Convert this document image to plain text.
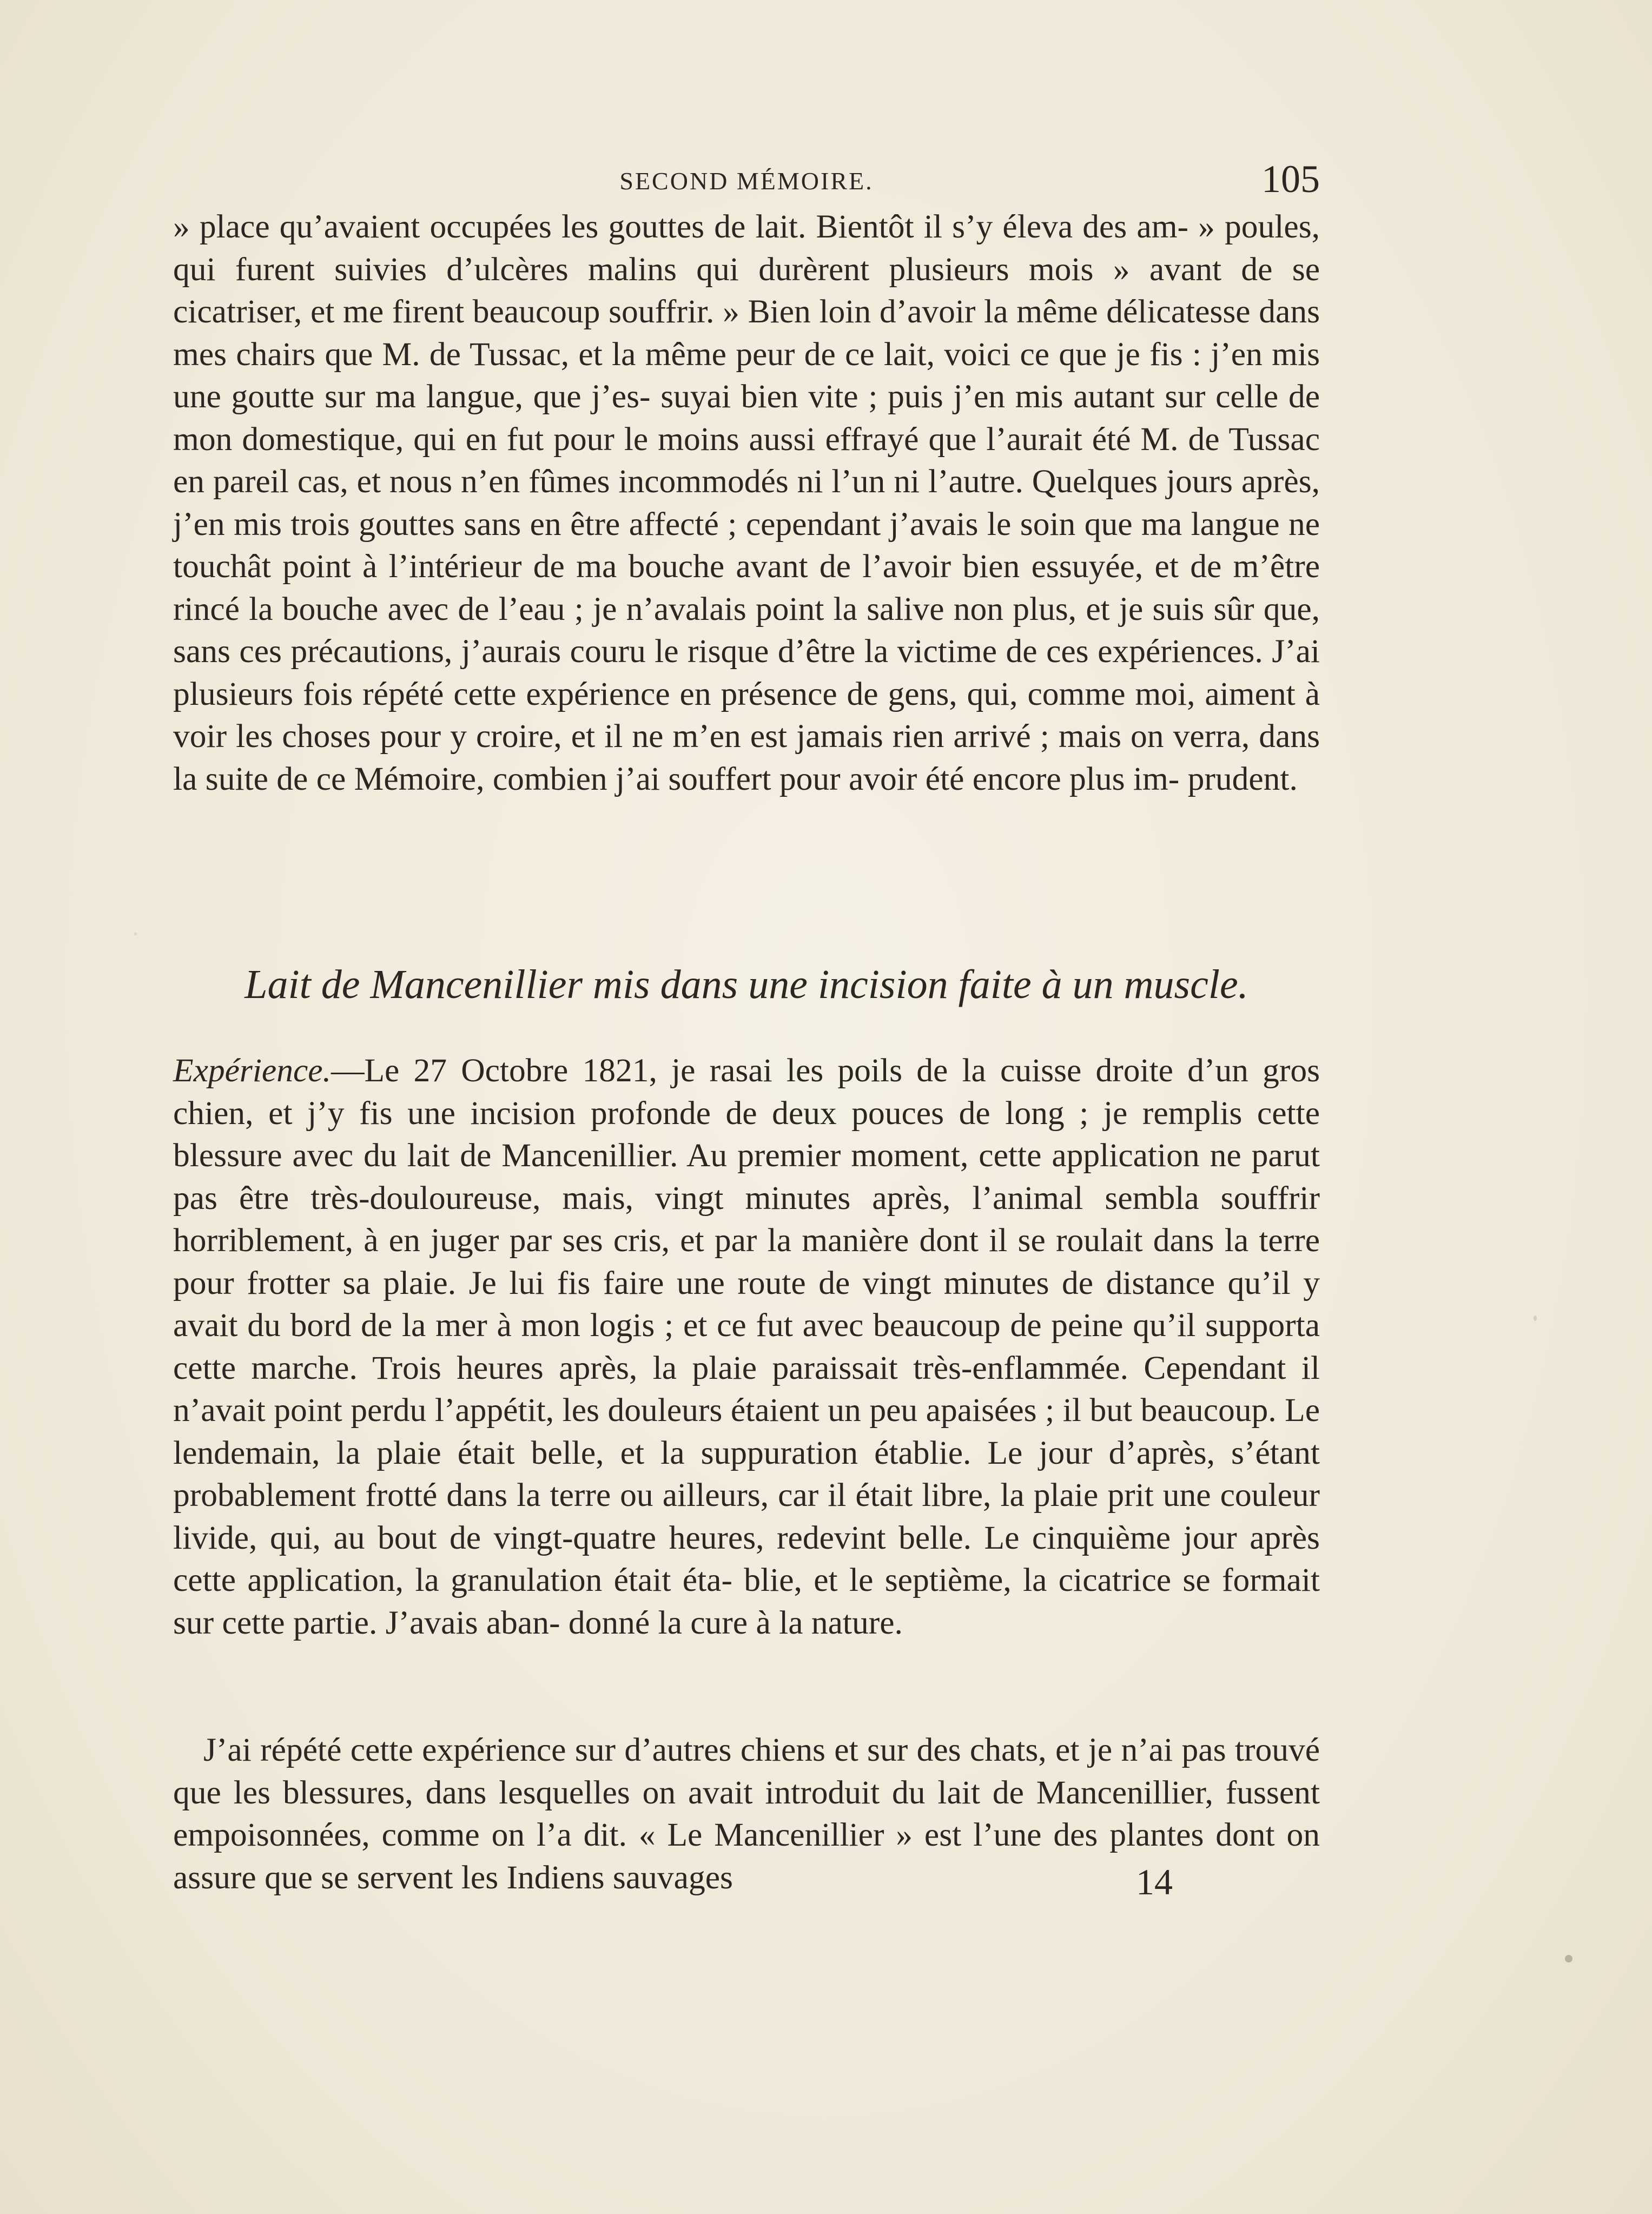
SECOND MÉMOIRE.	105

» place qu’avaient occupées les gouttes de lait. Bientôt il s’y éleva des am- » poules, qui furent suivies d’ulcères malins qui durèrent plusieurs mois » avant de se cicatriser, et me firent beaucoup souffrir. » Bien loin d’avoir la même délicatesse dans mes chairs que M. de Tussac, et la même peur de ce lait, voici ce que je fis : j’en mis une goutte sur ma langue, que j’es- suyai bien vite ; puis j’en mis autant sur celle de mon domestique, qui en fut pour le moins aussi effrayé que l’aurait été M. de Tussac en pareil cas, et nous n’en fûmes incommodés ni l’un ni l’autre. Quelques jours après, j’en mis trois gouttes sans en être affecté ; cependant j’avais le soin que ma langue ne touchât point à l’intérieur de ma bouche avant de l’avoir bien essuyée, et de m’être rincé la bouche avec de l’eau ; je n’avalais point la salive non plus, et je suis sûr que, sans ces précautions, j’aurais couru le risque d’être la victime de ces expériences. J’ai plusieurs fois répété cette expérience en présence de gens, qui, comme moi, aiment à voir les choses pour y croire, et il ne m’en est jamais rien arrivé ; mais on verra, dans la suite de ce Mémoire, combien j’ai souffert pour avoir été encore plus im- prudent.

Lait de Mancenillier mis dans une incision faite à un muscle.

Expérience.—Le 27 Octobre 1821, je rasai les poils de la cuisse droite d’un gros chien, et j’y fis une incision profonde de deux pouces de long ; je remplis cette blessure avec du lait de Mancenillier. Au premier moment, cette application ne parut pas être très-douloureuse, mais, vingt minutes après, l’animal sembla souffrir horriblement, à en juger par ses cris, et par la manière dont il se roulait dans la terre pour frotter sa plaie. Je lui fis faire une route de vingt minutes de distance qu’il y avait du bord de la mer à mon logis ; et ce fut avec beaucoup de peine qu’il supporta cette marche. Trois heures après, la plaie paraissait très-enflammée. Cependant il n’avait point perdu l’appétit, les douleurs étaient un peu apaisées ; il but beaucoup. Le lendemain, la plaie était belle, et la suppuration établie. Le jour d’après, s’étant probablement frotté dans la terre ou ailleurs, car il était libre, la plaie prit une couleur livide, qui, au bout de vingt-quatre heures, redevint belle. Le cinquième jour après cette application, la granulation était éta- blie, et le septième, la cicatrice se formait sur cette partie. J’avais aban- donné la cure à la nature.

J’ai répété cette expérience sur d’autres chiens et sur des chats, et je n’ai pas trouvé que les blessures, dans lesquelles on avait introduit du lait de Mancenillier, fussent empoisonnées, comme on l’a dit. « Le Mancenillier » est l’une des plantes dont on assure que se servent les Indiens sauvages	14
